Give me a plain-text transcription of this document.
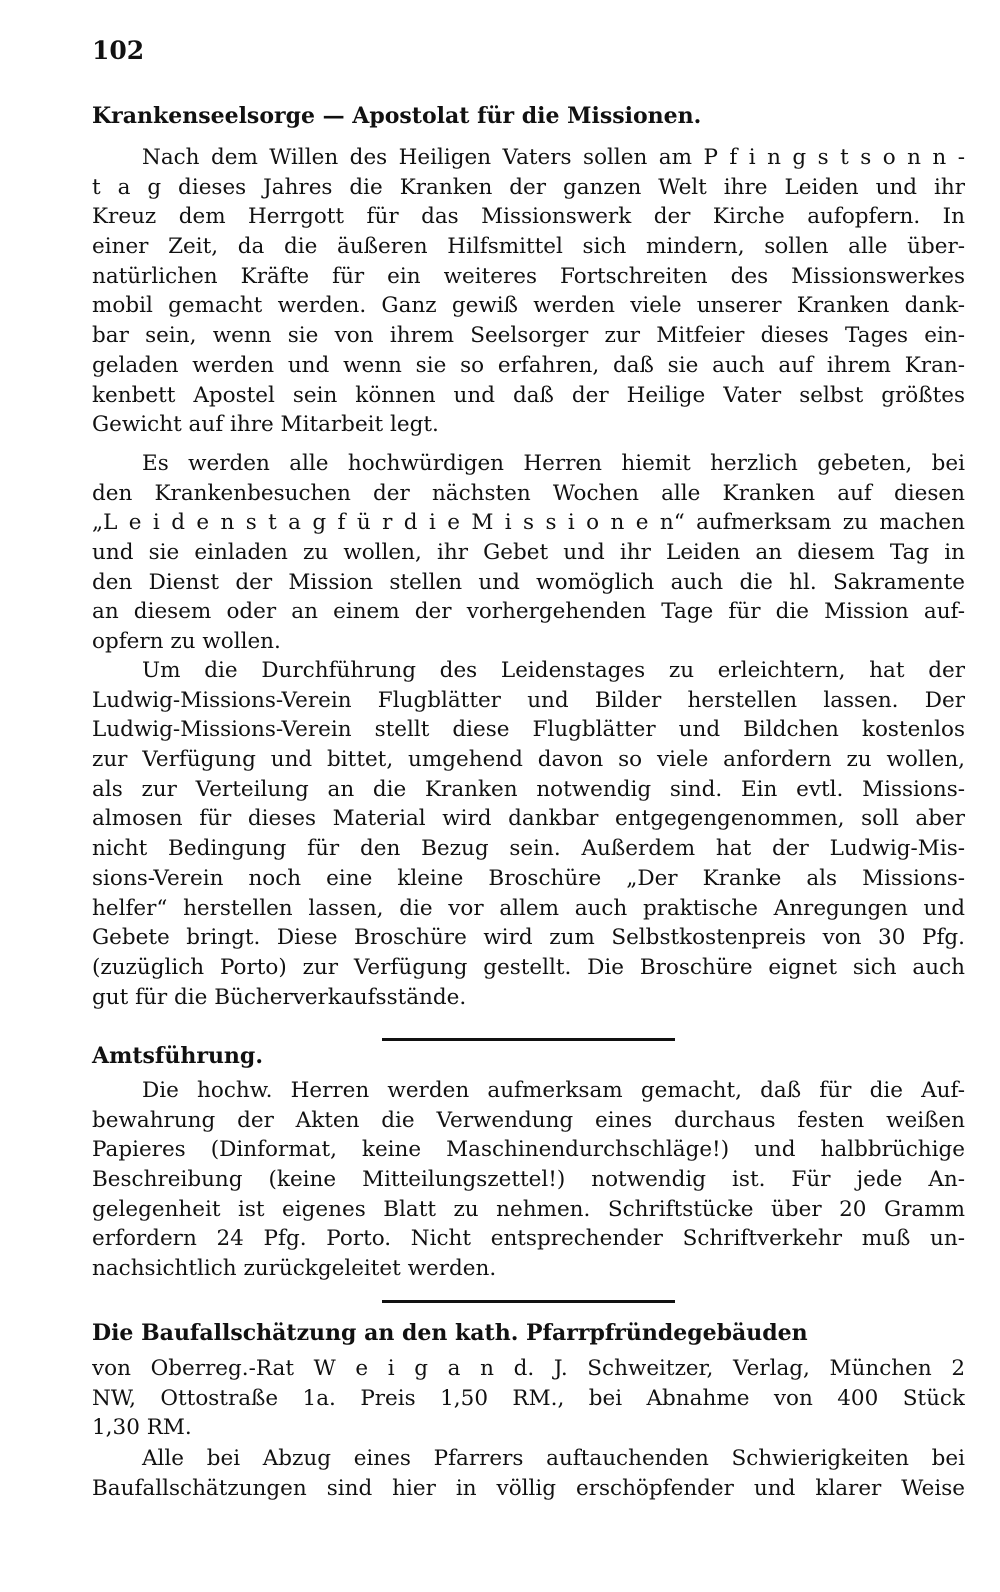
102
Krankenseelsorge — Apostolat für die Missionen.
Nach dem Willen des Heiligen Vaters sollen am P f i n g s t s o n n -
t a g dieses Jahres die Kranken der ganzen Welt ihre Leiden und ihr
Kreuz dem Herrgott für das Missionswerk der Kirche aufopfern. In
einer Zeit, da die äußeren Hilfsmittel sich mindern, sollen alle über-
natürlichen Kräfte für ein weiteres Fortschreiten des Missionswerkes
mobil gemacht werden. Ganz gewiß werden viele unserer Kranken dank-
bar sein, wenn sie von ihrem Seelsorger zur Mitfeier dieses Tages ein-
geladen werden und wenn sie so erfahren, daß sie auch auf ihrem Kran-
kenbett Apostel sein können und daß der Heilige Vater selbst größtes
Gewicht auf ihre Mitarbeit legt.
Es werden alle hochwürdigen Herren hiemit herzlich gebeten, bei
den Krankenbesuchen der nächsten Wochen alle Kranken auf diesen
„L e i d e n s t a g f ü r d i e M i s s i o n e n“ aufmerksam zu machen
und sie einladen zu wollen, ihr Gebet und ihr Leiden an diesem Tag in
den Dienst der Mission stellen und womöglich auch die hl. Sakramente
an diesem oder an einem der vorhergehenden Tage für die Mission auf-
opfern zu wollen.
Um die Durchführung des Leidenstages zu erleichtern, hat der
Ludwig-Missions-Verein Flugblätter und Bilder herstellen lassen. Der
Ludwig-Missions-Verein stellt diese Flugblätter und Bildchen kostenlos
zur Verfügung und bittet, umgehend davon so viele anfordern zu wollen,
als zur Verteilung an die Kranken notwendig sind. Ein evtl. Missions-
almosen für dieses Material wird dankbar entgegengenommen, soll aber
nicht Bedingung für den Bezug sein. Außerdem hat der Ludwig-Mis-
sions-Verein noch eine kleine Broschüre „Der Kranke als Missions-
helfer“ herstellen lassen, die vor allem auch praktische Anregungen und
Gebete bringt. Diese Broschüre wird zum Selbstkostenpreis von 30 Pfg.
(zuzüglich Porto) zur Verfügung gestellt. Die Broschüre eignet sich auch
gut für die Bücherverkaufsstände.
Amtsführung.
Die hochw. Herren werden aufmerksam gemacht, daß für die Auf-
bewahrung der Akten die Verwendung eines durchaus festen weißen
Papieres (Dinformat, keine Maschinendurchschläge!) und halbbrüchige
Beschreibung (keine Mitteilungszettel!) notwendig ist. Für jede An-
gelegenheit ist eigenes Blatt zu nehmen. Schriftstücke über 20 Gramm
erfordern 24 Pfg. Porto. Nicht entsprechender Schriftverkehr muß un-
nachsichtlich zurückgeleitet werden.
Die Baufallschätzung an den kath. Pfarrpfründegebäuden
von Oberreg.-Rat W e i g a n d. J. Schweitzer, Verlag, München 2
NW, Ottostraße 1a. Preis 1,50 RM., bei Abnahme von 400 Stück
1,30 RM.
Alle bei Abzug eines Pfarrers auftauchenden Schwierigkeiten bei
Baufallschätzungen sind hier in völlig erschöpfender und klarer Weise
